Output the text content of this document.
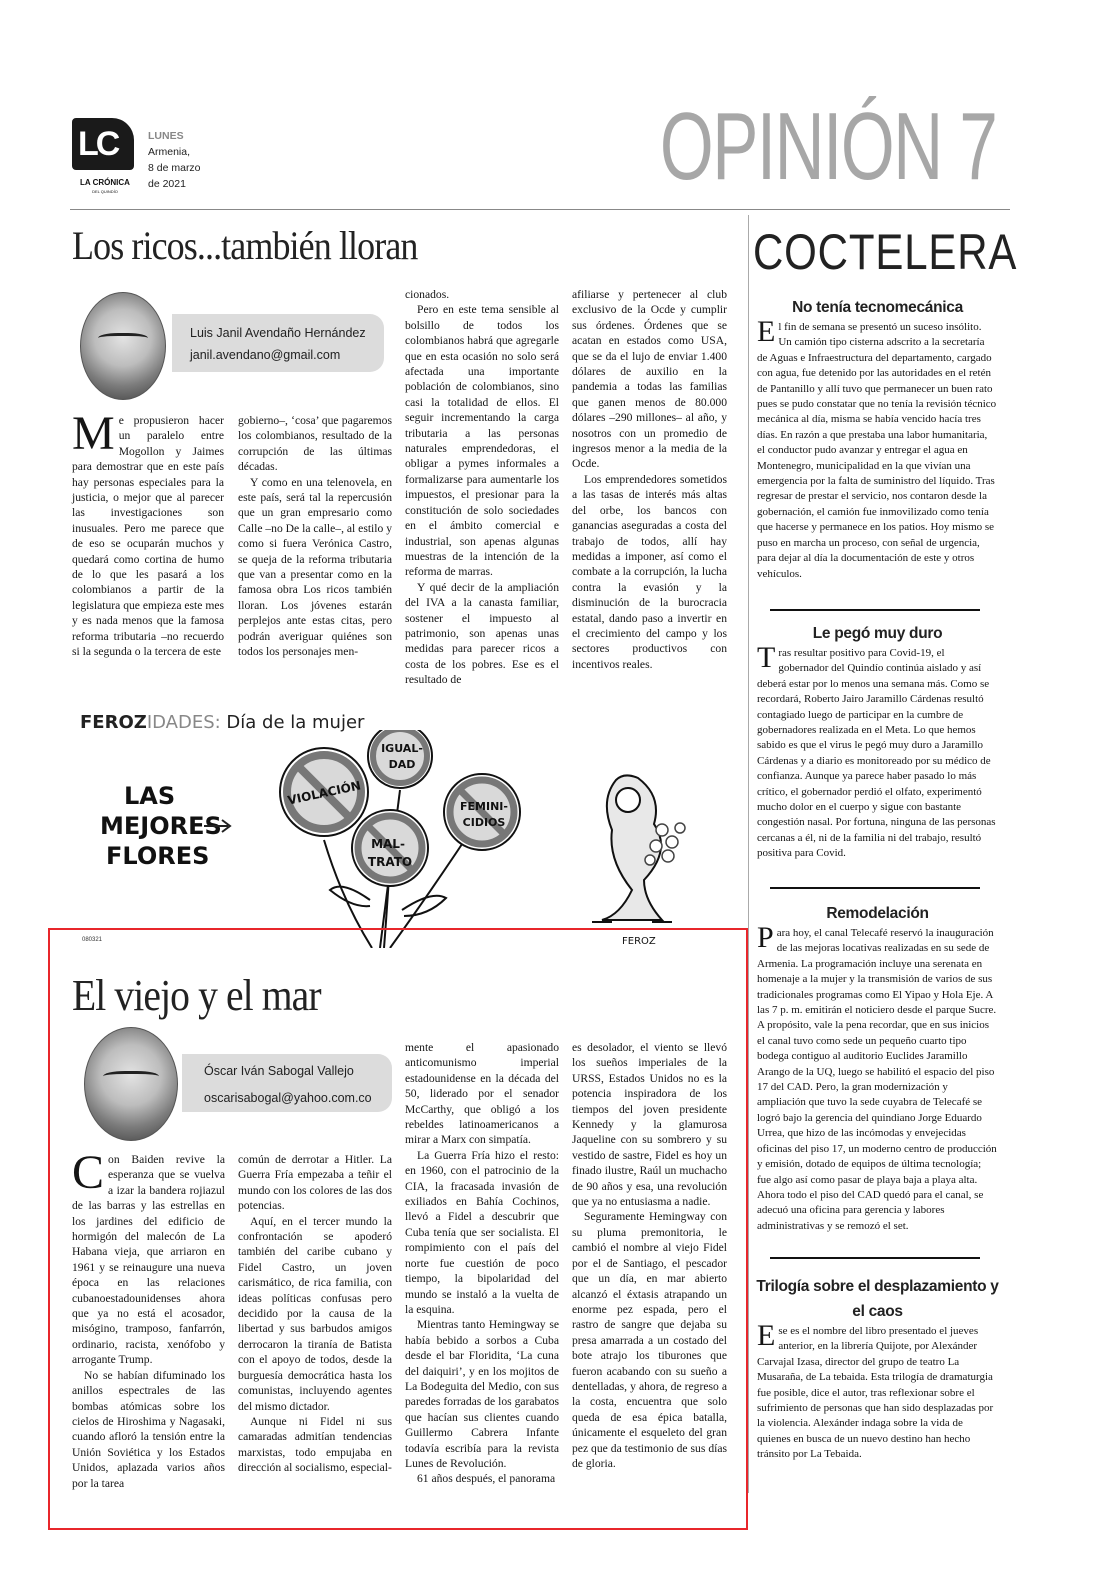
LC
LA CRÓNICA
DEL QUINDÍO
LUNES
Armenia,
8 de marzo
de 2021	OPINIÓN 7
Los ricos...también lloran
Luis Janil Avendaño Hernández
janil.avendano@gmail.com

Me propusieron hacer un paralelo entre Mogollon y Jaimes para demostrar que en este país hay personas especiales para la justicia, o mejor que al parecer las investigaciones son inusuales. Pero me parece que de eso se ocuparán muchos y quedará como cortina de humo de lo que les pasará a los colombianos a partir de la legislatura que empieza este mes y es nada menos que la famosa reforma tributaria –no recuerdo si la segunda o la tercera de este

gobierno–, ‘cosa’ que pagaremos los colombianos, resultado de la corrupción de las últimas décadas.

Y como en una telenovela, en este país, será tal la repercusión que un gran empresario como Calle –no De la calle–, al estilo y como si fuera Verónica Castro, se queja de la reforma tributaria que van a presentar como en la famosa obra Los ricos también lloran. Los jóvenes estarán perplejos ante estas citas, pero podrán averiguar quiénes son todos los personajes men-

cionados.

Pero en este tema sensible al bolsillo de todos los colombianos habrá que agregarle que en esta ocasión no solo será afectada una importante población de colombianos, sino casi la totalidad de ellos. El seguir incrementando la carga tributaria a las personas naturales emprendedoras, el obligar a pymes informales a formalizarse para aumentarle los impuestos, el presionar para la constitución de solo sociedades en el ámbito comercial e industrial, son apenas algunas muestras de la intención de la reforma de marras.

Y qué decir de la ampliación del IVA a la canasta familiar, sostener el impuesto al patrimonio, son apenas unas medidas para parecer ricos a costa de los pobres. Ese es el resultado de

afiliarse y pertenecer al club exclusivo de la Ocde y cumplir sus órdenes. Órdenes que se acatan en estados como USA, que se da el lujo de enviar 1.400 dólares de auxilio en la pandemia a todas las familias que ganen menos de 80.000 dólares –290 millones– al año, y nosotros con un promedio de ingresos menor a la media de la Ocde.

Los emprendedores sometidos a las tasas de interés más altas del orbe, los bancos con ganancias aseguradas a costa del trabajo de todos, allí hay medidas a imponer, así como el combate a la corrupción, la lucha contra la evasión y la disminución de la burocracia estatal, dando paso a invertir en el crecimiento del campo y los sectores productivos con incentivos reales.

FEROZIDADES: Día de la mujer
LAS
MEJORES
FLORES
VIOLACIÓN
IGUAL-
DAD
MAL-
TRATO
FEMINI-
CIDIOS
FEROZ
080321
El viejo y el mar
Óscar Iván Sabogal Vallejo
oscarisabogal@yahoo.com.co

Con Baiden revive la esperanza que se vuelva a izar la bandera rojiazul de las barras y las estrellas en los jardines del edificio de hormigón del malecón de La Habana vieja, que arriaron en 1961 y se reinaugure una nueva época en las relaciones cubanoestadounidenses ahora que ya no está el acosador, misógino, tramposo, fanfarrón, ordinario, racista, xenófobo y arrogante Trump.

No se habían difuminado los anillos espectrales de las bombas atómicas sobre los cielos de Hiroshima y Nagasaki, cuando afloró la tensión entre la Unión Soviética y los Estados Unidos, aplazada varios años por la tarea

común de derrotar a Hitler. La Guerra Fría empezaba a teñir el mundo con los colores de las dos potencias.

Aquí, en el tercer mundo la confrontación se apoderó también del caribe cubano y Fidel Castro, un joven carismático, de rica familia, con ideas políticas confusas pero decidido por la causa de la libertad y sus barbudos amigos derrocaron la tiranía de Batista con el apoyo de todos, desde la burguesía democrática hasta los comunistas, incluyendo agentes del mismo dictador.

Aunque ni Fidel ni sus camaradas admitían tendencias marxistas, todo empujaba en dirección al socialismo, especial-

mente el apasionado anticomunismo imperial estadounidense en la década del 50, liderado por el senador McCarthy, que obligó a los rebeldes latinoamericanos a mirar a Marx con simpatía.

La Guerra Fría hizo el resto: en 1960, con el patrocinio de la CIA, la fracasada invasión de exiliados en Bahía Cochinos, llevó a Fidel a descubrir que Cuba tenía que ser socialista. El rompimiento con el país del norte fue cuestión de poco tiempo, la bipolaridad del mundo se instaló a la vuelta de la esquina.

Mientras tanto Hemingway se había bebido a sorbos a Cuba desde el bar Floridita, ‘La cuna del daiquiri’, y en los mojitos de La Bodeguita del Medio, con sus paredes forradas de los garabatos que hacían sus clientes cuando Guillermo Cabrera Infante todavía escribía para la revista Lunes de Revolución.

61 años después, el panorama

es desolador, el viento se llevó los sueños imperiales de la URSS, Estados Unidos no es la potencia inspiradora de los tiempos del joven presidente Kennedy y la glamurosa Jaqueline con su sombrero y su vestido de sastre, Fidel es hoy un finado ilustre, Raúl un muchacho de 90 años y esa, una revolución que ya no entusiasma a nadie.

Seguramente Hemingway con su pluma premonitoria, le cambió el nombre al viejo Fidel por el de Santiago, el pescador que un día, en mar abierto alcanzó el éxtasis atrapando un enorme pez espada, pero el rastro de sangre que dejaba su presa amarrada a un costado del bote atrajo los tiburones que fueron acabando con su sueño a dentelladas, y ahora, de regreso a la costa, encuentra que solo queda de esa épica batalla, únicamente el esqueleto del gran pez que da testimonio de sus días de gloria.

COCTELERA
No tenía tecnomecánica
El fin de semana se presentó un suceso insólito. Un camión tipo cisterna adscrito a la secretaría de Aguas e Infraestructura del departamento, cargado con agua, fue detenido por las autoridades en el retén de Pantanillo y allí tuvo que permanecer un buen rato pues se pudo constatar que no tenía la revisión técnico mecánica al día, misma se había vencido hacía tres días. En razón a que prestaba una labor humanitaria, el conductor pudo avanzar y entregar el agua en Montenegro, municipalidad en la que vivían una emergencia por la falta de suministro del líquido. Tras regresar de prestar el servicio, nos contaron desde la gobernación, el camión fue inmovilizado como tenía que hacerse y permanece en los patios. Hoy mismo se puso en marcha un proceso, con señal de urgencia, para dejar al día la documentación de este y otros vehículos.
Le pegó muy duro
Tras resultar positivo para Covid-19, el gobernador del Quindío continúa aislado y así deberá estar por lo menos una semana más. Como se recordará, Roberto Jairo Jaramillo Cárdenas resultó contagiado luego de participar en la cumbre de gobernadores realizada en el Meta. Lo que hemos sabido es que el virus le pegó muy duro a Jaramillo Cárdenas y a diario es monitoreado por su médico de confianza. Aunque ya parece haber pasado lo más crítico, el gobernador perdió el olfato, experimentó mucho dolor en el cuerpo y sigue con bastante congestión nasal. Por fortuna, ninguna de las personas cercanas a él, ni de la familia ni del trabajo, resultó positiva para Covid.
Remodelación
Para hoy, el canal Telecafé reservó la inauguración de las mejoras locativas realizadas en su sede de Armenia. La programación incluye una serenata en homenaje a la mujer y la transmisión de varios de sus tradicionales programas como El Yipao y Hola Eje. A las 7 p. m. emitirán el noticiero desde el parque Sucre. A propósito, vale la pena recordar, que en sus inicios el canal tuvo como sede un pequeño cuarto tipo bodega contiguo al auditorio Euclides Jaramillo Arango de la UQ, luego se habilitó el espacio del piso 17 del CAD. Pero, la gran modernización y ampliación que tuvo la sede cuyabra de Telecafé se logró bajo la gerencia del quindiano Jorge Eduardo Urrea, que hizo de las incómodas y envejecidas oficinas del piso 17, un moderno centro de producción y emisión, dotado de equipos de última tecnología; fue algo así como pasar de playa baja a playa alta. Ahora todo el piso del CAD quedó para el canal, se adecuó una oficina para gerencia y labores administrativas y se remozó el set.
Trilogía sobre el desplazamiento y el caos
Ese es el nombre del libro presentado el jueves anterior, en la librería Quijote, por Alexánder Carvajal Izasa, director del grupo de teatro La Musaraña, de La tebaida. Esta trilogía de dramaturgia fue posible, dice el autor, tras reflexionar sobre el sufrimiento de personas que han sido desplazadas por la violencia. Alexánder indaga sobre la vida de quienes en busca de un nuevo destino han hecho tránsito por La Tebaida.
